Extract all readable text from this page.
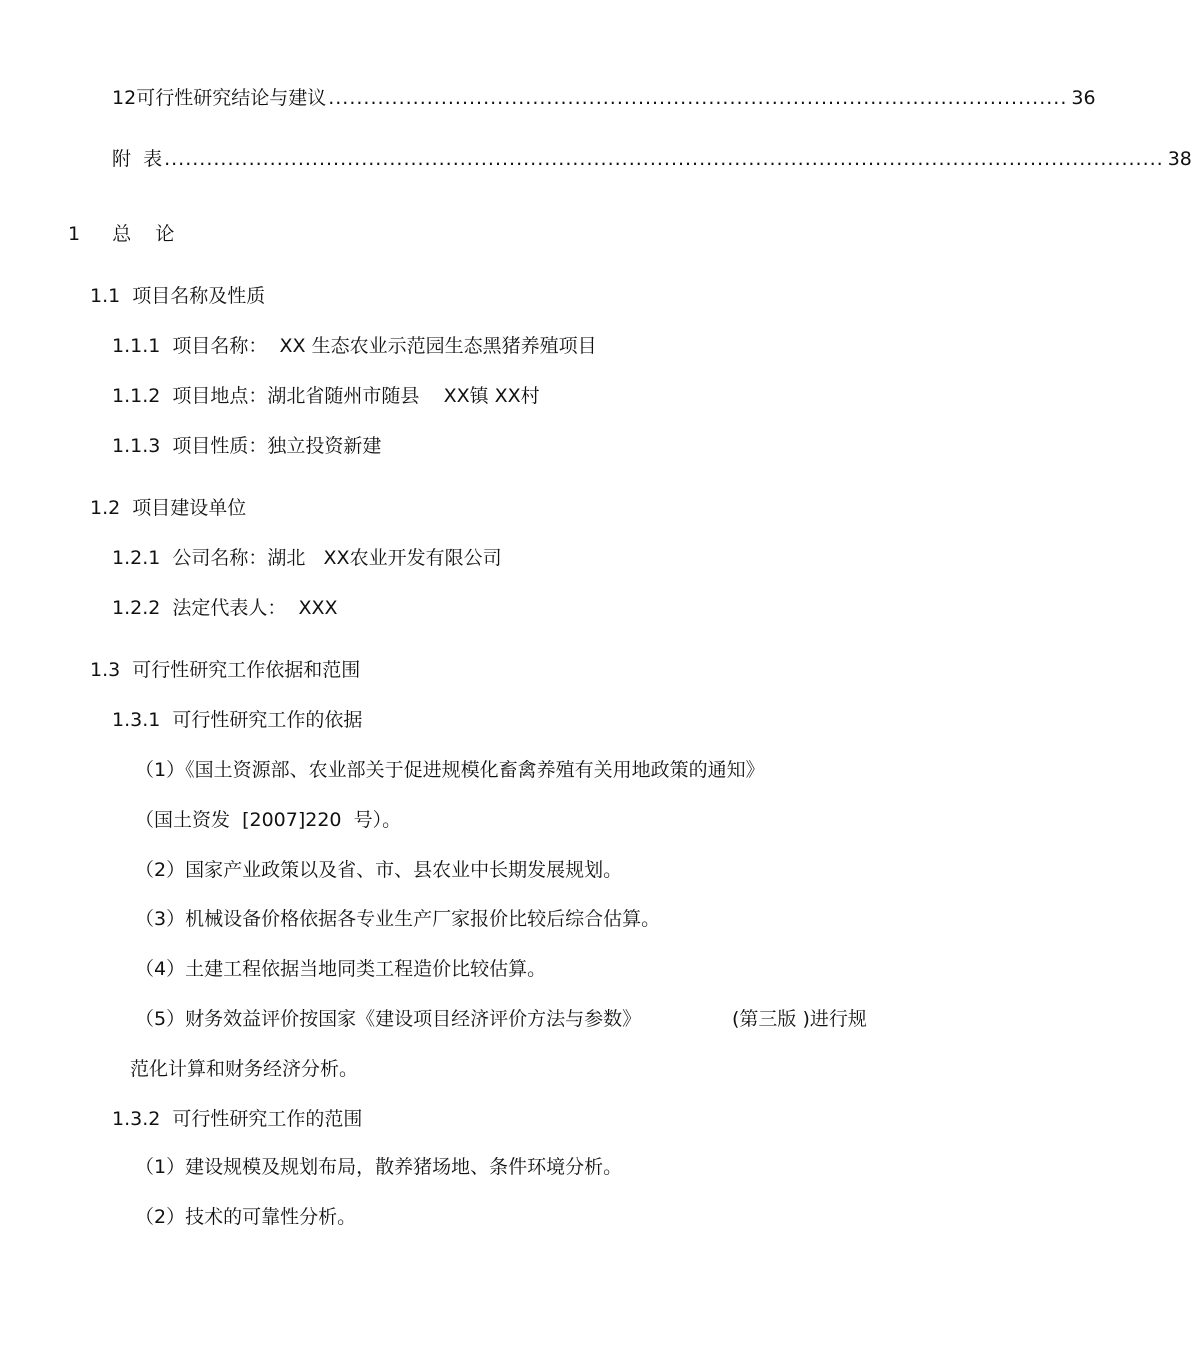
12 可行性研究结论与建议 ......................................................................................................... 36
附  表 .............................................................................................................................................. 38
1 总    论
1.1  项目名称及性质
1.1.1  项目名称：  XX 生态农业示范园生态黑猪养殖项目
1.1.2  项目地点：湖北省随州市随县    XX镇 XX村
1.1.3  项目性质：独立投资新建
1.2  项目建设单位
1.2.1  公司名称：湖北   XX农业开发有限公司
1.2.2  法定代表人：  XXX
1.3  可行性研究工作依据和范围
1.3.1  可行性研究工作的依据
（1）《国土资源部、农业部关于促进规模化畜禽养殖有关用地政策的通知》
（国土资发  [2007]220  号）。
（2）国家产业政策以及省、市、县农业中长期发展规划。
（3）机械设备价格依据各专业生产厂家报价比较后综合估算。
（4）土建工程依据当地同类工程造价比较估算。
（5）财务效益评价按国家《建设项目经济评价方法与参数》	(第三版 )进行规
范化计算和财务经济分析。
1.3.2  可行性研究工作的范围
（1）建设规模及规划布局，散养猪场地、条件环境分析。
（2）技术的可靠性分析。
